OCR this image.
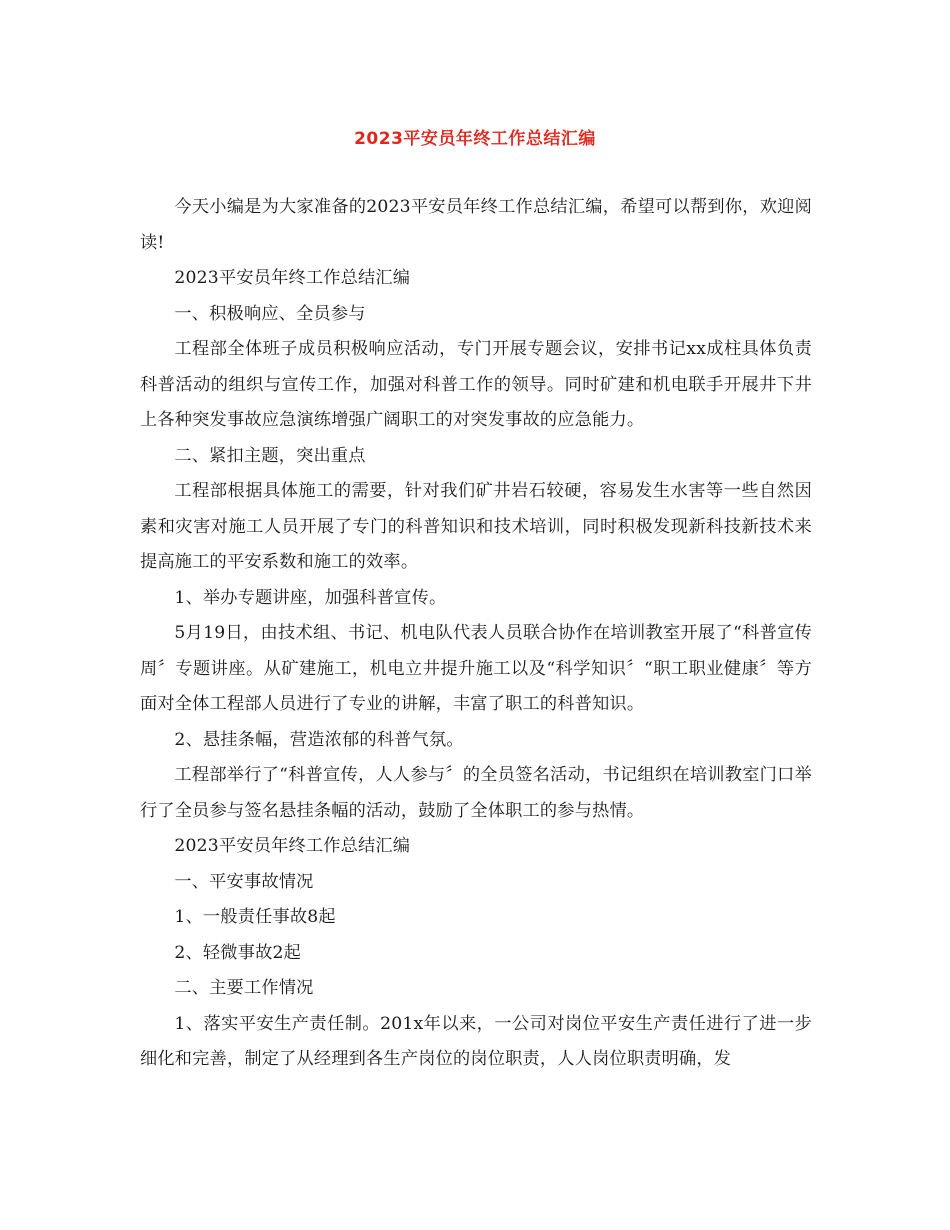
2023平安员年终工作总结汇编

今天小编是为大家准备的2023平安员年终工作总结汇编，希望可以帮到你，欢迎阅读!

2023平安员年终工作总结汇编

一、积极响应、全员参与

工程部全体班子成员积极响应活动，专门开展专题会议，安排书记xx成柱具体负责科普活动的组织与宣传工作，加强对科普工作的领导。同时矿建和机电联手开展井下井上各种突发事故应急演练增强广阔职工的对突发事故的应急能力。

二、紧扣主题，突出重点

工程部根据具体施工的需要，针对我们矿井岩石较硬，容易发生水害等一些自然因素和灾害对施工人员开展了专门的科普知识和技术培训，同时积极发现新科技新技术来提高施工的平安系数和施工的效率。

1、举办专题讲座，加强科普宣传。

5月19日，由技术组、书记、机电队代表人员联合协作在培训教室开展了“科普宣传周〞专题讲座。从矿建施工，机电立井提升施工以及“科学知识〞“职工职业健康〞等方面对全体工程部人员进行了专业的讲解，丰富了职工的科普知识。

2、悬挂条幅，营造浓郁的科普气氛。

工程部举行了“科普宣传，人人参与〞的全员签名活动，书记组织在培训教室门口举行了全员参与签名悬挂条幅的活动，鼓励了全体职工的参与热情。

2023平安员年终工作总结汇编

一、平安事故情况

1、一般责任事故8起

2、轻微事故2起

二、主要工作情况

1、落实平安生产责任制。201x年以来，一公司对岗位平安生产责任进行了进一步细化和完善，制定了从经理到各生产岗位的岗位职责，人人岗位职责明确，发
